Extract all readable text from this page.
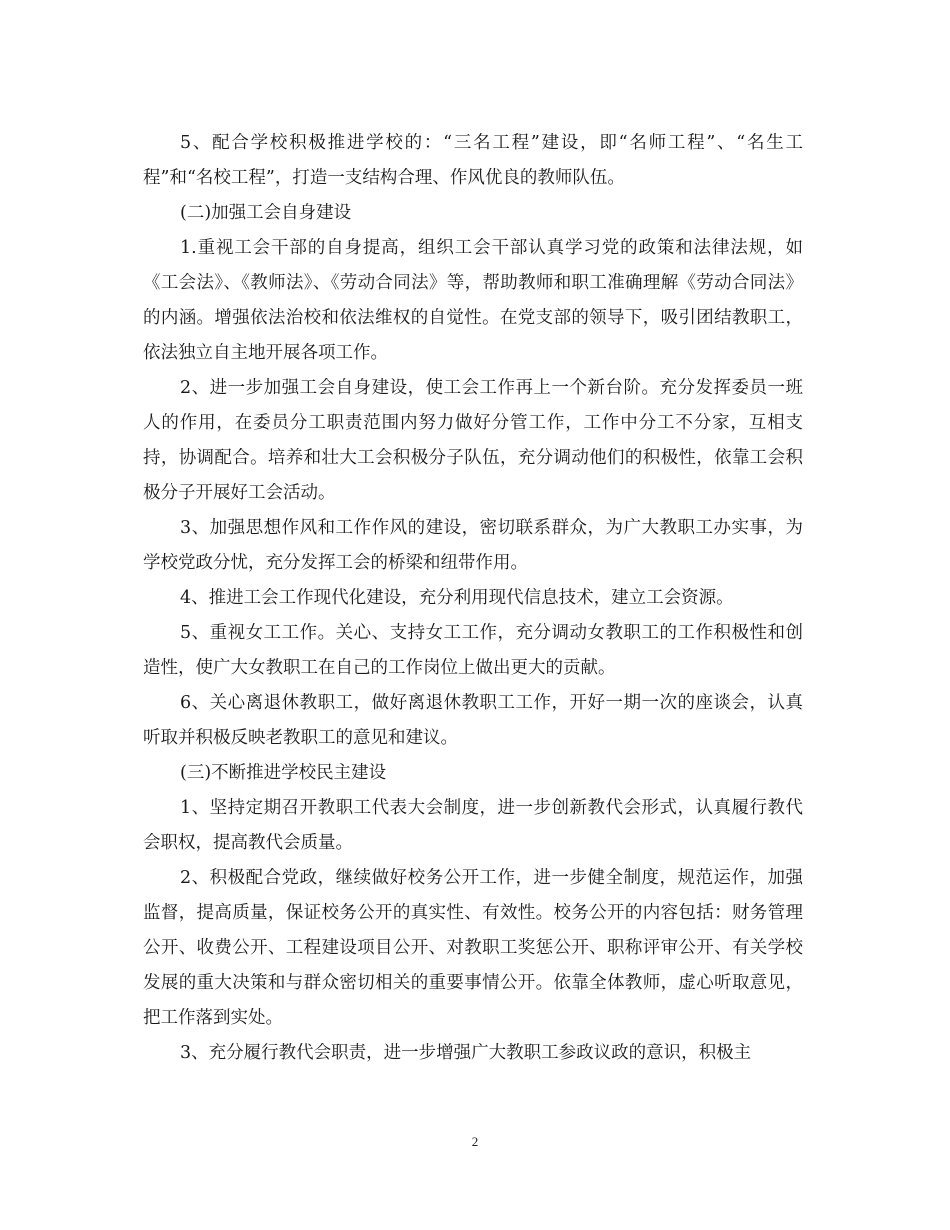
5、配合学校积极推进学校的：“三名工程”建设，即“名师工程”、“名生工程”和“名校工程”，打造一支结构合理、作风优良的教师队伍。

(二)加强工会自身建设

1.重视工会干部的自身提高，组织工会干部认真学习党的政策和法律法规，如《工会法》、《教师法》、《劳动合同法》等，帮助教师和职工准确理解《劳动合同法》的内涵。增强依法治校和依法维权的自觉性。在党支部的领导下，吸引团结教职工，依法独立自主地开展各项工作。

2、进一步加强工会自身建设，使工会工作再上一个新台阶。充分发挥委员一班人的作用，在委员分工职责范围内努力做好分管工作，工作中分工不分家，互相支持，协调配合。培养和壮大工会积极分子队伍，充分调动他们的积极性，依靠工会积极分子开展好工会活动。

3、加强思想作风和工作作风的建设，密切联系群众，为广大教职工办实事，为学校党政分忧，充分发挥工会的桥梁和纽带作用。

4、推进工会工作现代化建设，充分利用现代信息技术，建立工会资源。

5、重视女工工作。关心、支持女工工作，充分调动女教职工的工作积极性和创造性，使广大女教职工在自己的工作岗位上做出更大的贡献。

6、关心离退休教职工，做好离退休教职工工作，开好一期一次的座谈会，认真听取并积极反映老教职工的意见和建议。

(三)不断推进学校民主建设

1、坚持定期召开教职工代表大会制度，进一步创新教代会形式，认真履行教代会职权，提高教代会质量。

2、积极配合党政，继续做好校务公开工作，进一步健全制度，规范运作，加强监督，提高质量，保证校务公开的真实性、有效性。校务公开的内容包括：财务管理公开、收费公开、工程建设项目公开、对教职工奖惩公开、职称评审公开、有关学校发展的重大决策和与群众密切相关的重要事情公开。依靠全体教师，虚心听取意见，把工作落到实处。

3、充分履行教代会职责，进一步增强广大教职工参政议政的意识，积极主

2
